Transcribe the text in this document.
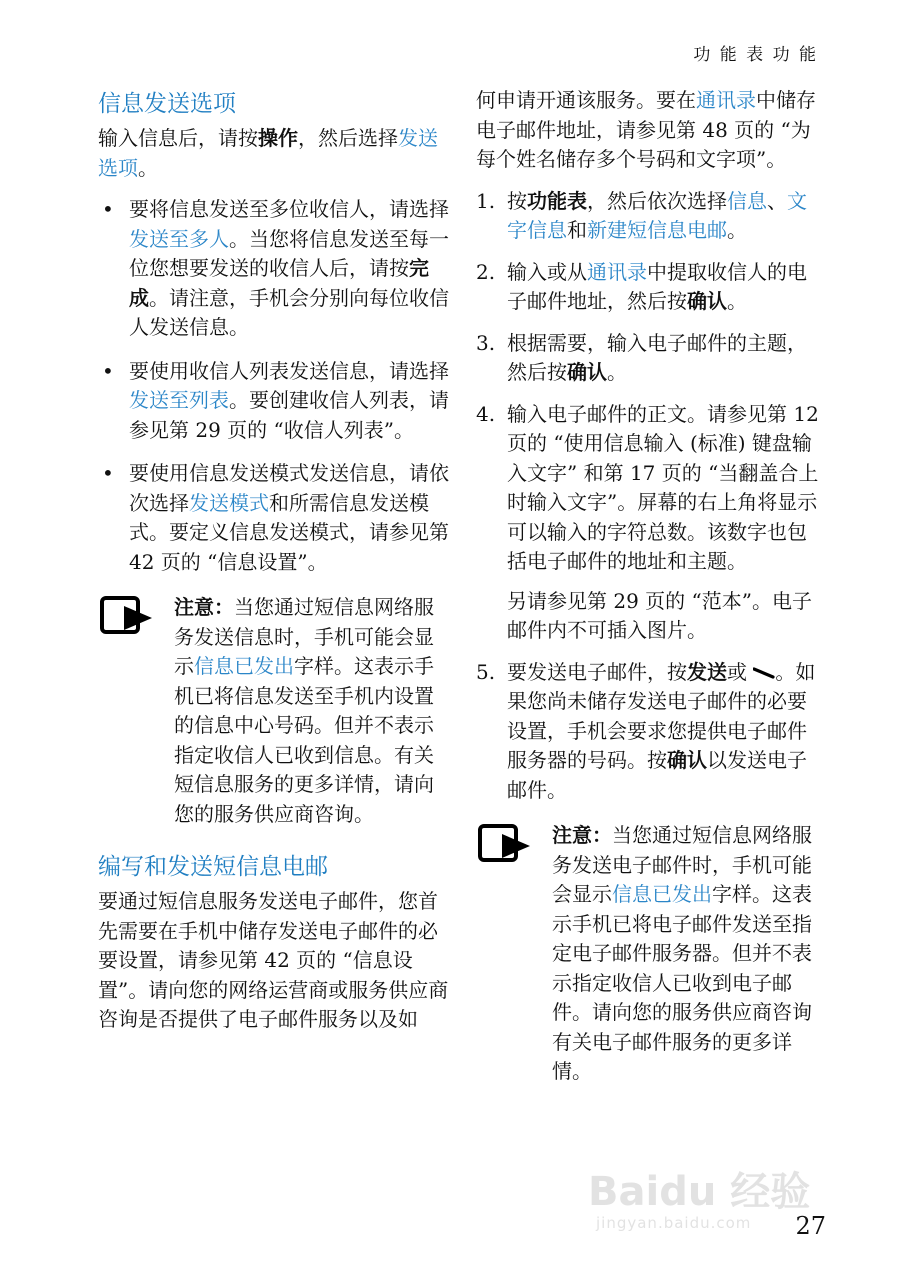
功 能 表 功 能
信息发送选项

输入信息后，请按操作，然后选择发送选项。

• 要将信息发送至多位收信人，请选择发送至多人。当您将信息发送至每一位您想要发送的收信人后，请按完成。请注意，手机会分别向每位收信人发送信息。
• 要使用收信人列表发送信息，请选择发送至列表。要创建收信人列表，请参见第 29 页的 “收信人列表”。
• 要使用信息发送模式发送信息，请依次选择发送模式和所需信息发送模式。要定义信息发送模式，请参见第 42 页的 “信息设置”。
注意：当您通过短信息网络服务发送信息时，手机可能会显示信息已发出字样。这表示手机已将信息发送至手机内设置的信息中心号码。但并不表示指定收信人已收到信息。有关短信息服务的更多详情，请向您的服务供应商咨询。
编写和发送短信息电邮

要通过短信息服务发送电子邮件，您首先需要在手机中储存发送电子邮件的必要设置，请参见第 42 页的 “信息设置”。请向您的网络运营商或服务供应商咨询是否提供了电子邮件服务以及如

何申请开通该服务。要在通讯录中储存电子邮件地址，请参见第 48 页的 “为每个姓名储存多个号码和文字项”。

1. 按功能表，然后依次选择信息、文字信息和新建短信息电邮。

2. 输入或从通讯录中提取收信人的电子邮件地址，然后按确认。

3. 根据需要，输入电子邮件的主题，然后按确认。

4. 输入电子邮件的正文。请参见第 12 页的 “使用信息输入 (标准) 键盘输入文字” 和第 17 页的 “当翻盖合上时输入文字”。屏幕的右上角将显示可以输入的字符总数。该数字也包括电子邮件的地址和主题。

另请参见第 29 页的 “范本”。电子邮件内不可插入图片。

5. 要发送电子邮件，按发送或 。如果您尚未储存发送电子邮件的必要设置，手机会要求您提供电子邮件服务器的号码。按确认以发送电子邮件。

注意：当您通过短信息网络服务发送电子邮件时，手机可能会显示信息已发出字样。这表示手机已将电子邮件发送至指定电子邮件服务器。但并不表示指定收信人已收到电子邮件。请向您的服务供应商咨询有关电子邮件服务的更多详情。
Baidu 经验
jingyan.baidu.com 27
